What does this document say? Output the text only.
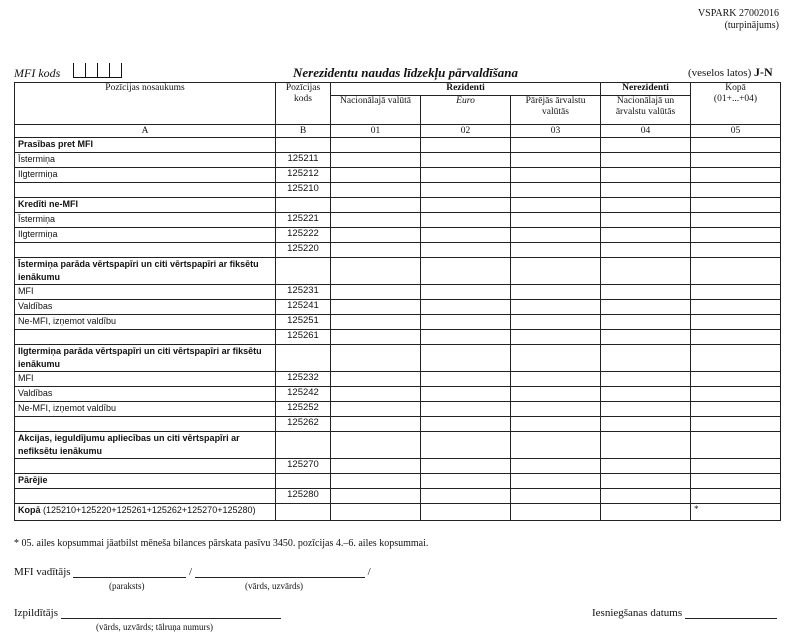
VSPARK 27002016
(turpinājums)
MFI kods	Nerezidentu naudas līdzekļu pārvaldīšana	(veselos latos) J-N
Pozīcijas nosaukums	Pozīcijas kods	Rezidenti			Nerezidenti	Kopā
(01+...+04)

		Nacionālajā valūtā	Euro	Pārējās ārvalstu valūtās	Nacionālajā un ārvalstu valūtās	
A	B	01	02	03	04	05
Prasības pret MFI						
Īstermiņa	125211					
Ilgtermiņa	125212					
	125210					
Kredīti ne-MFI						
Īstermiņa	125221					
Ilgtermiņa	125222					
	125220					
Īstermiņa parāda vērtspapīri un citi vērtspapīri ar fiksētu ienākumu						
MFI	125231					
Valdības	125241					
Ne-MFI, izņemot valdību	125251					
	125261					
Ilgtermiņa parāda vērtspapīri un citi vērtspapīri ar fiksētu ienākumu						
MFI	125232					
Valdības	125242					
Ne-MFI, izņemot valdību	125252					
	125262					
Akcijas, ieguldījumu apliecības un citi vērtspapīri ar nefiksētu ienākumu						
	125270					
Pārējie						
	125280					
Kopā (125210+125220+125261+125262+125270+125280)						*
* 05. ailes kopsummai jāatbilst mēneša bilances pārskata pasīvu 3450. pozīcijas 4.–6. ailes kopsummai.
MFI vadītājs	/	/
(paraksts)	(vārds, uzvārds)
Izpildītājs
(vārds, uzvārds; tālruņa numurs)
Iesniegšanas datums
